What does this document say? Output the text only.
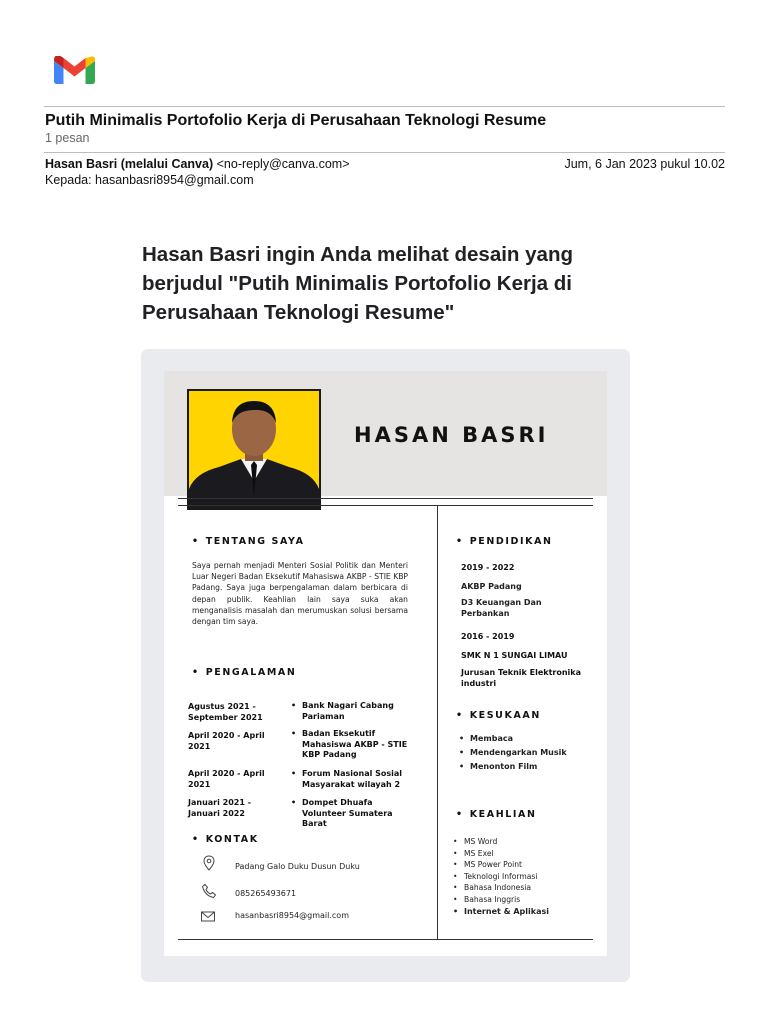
Putih Minimalis Portofolio Kerja di Perusahaan Teknologi Resume
1 pesan
Hasan Basri (melalui Canva) <no-reply@canva.com>	Jum, 6 Jan 2023 pukul 10.02
Kepada: hasanbasri8954@gmail.com
Hasan Basri ingin Anda melihat desain yang berjudul "Putih Minimalis Portofolio Kerja di Perusahaan Teknologi Resume"
HASAN BASRI
• TENTANG SAYA
Saya pernah menjadi Menteri Sosial Politik dan Menteri Luar Negeri Badan Eksekutif Mahasiswa AKBP - STIE KBP Padang. Saya juga berpengalaman dalam berbicara di depan publik. Keahlian lain saya suka akan menganalisis masalah dan merumuskan solusi bersama dengan tim saya.
• PENGALAMAN
Agustus 2021 - September 2021
• Bank Nagari Cabang Pariaman
April 2020 - April 2021
• Badan Eksekutif Mahasiswa AKBP - STIE KBP Padang
April 2020 - April 2021
• Forum Nasional Sosial Masyarakat wilayah 2
Januari 2021 - Januari 2022
• Dompet Dhuafa Volunteer Sumatera Barat
• KONTAK
Padang Galo Duku Dusun Duku
085265493671
hasanbasri8954@gmail.com
• PENDIDIKAN
2019 - 2022
AKBP Padang
D3 Keuangan Dan Perbankan
2016 - 2019
SMK N 1 SUNGAI LIMAU
Jurusan Teknik Elektronika industri
• KESUKAAN
• Membaca
• Mendengarkan Musik
• Menonton Film
• KEAHLIAN
• MS Word
• MS Exel
• MS Power Point
• Teknologi Informasi
• Bahasa Indonesia
• Bahasa Inggris
• Internet & Aplikasi
